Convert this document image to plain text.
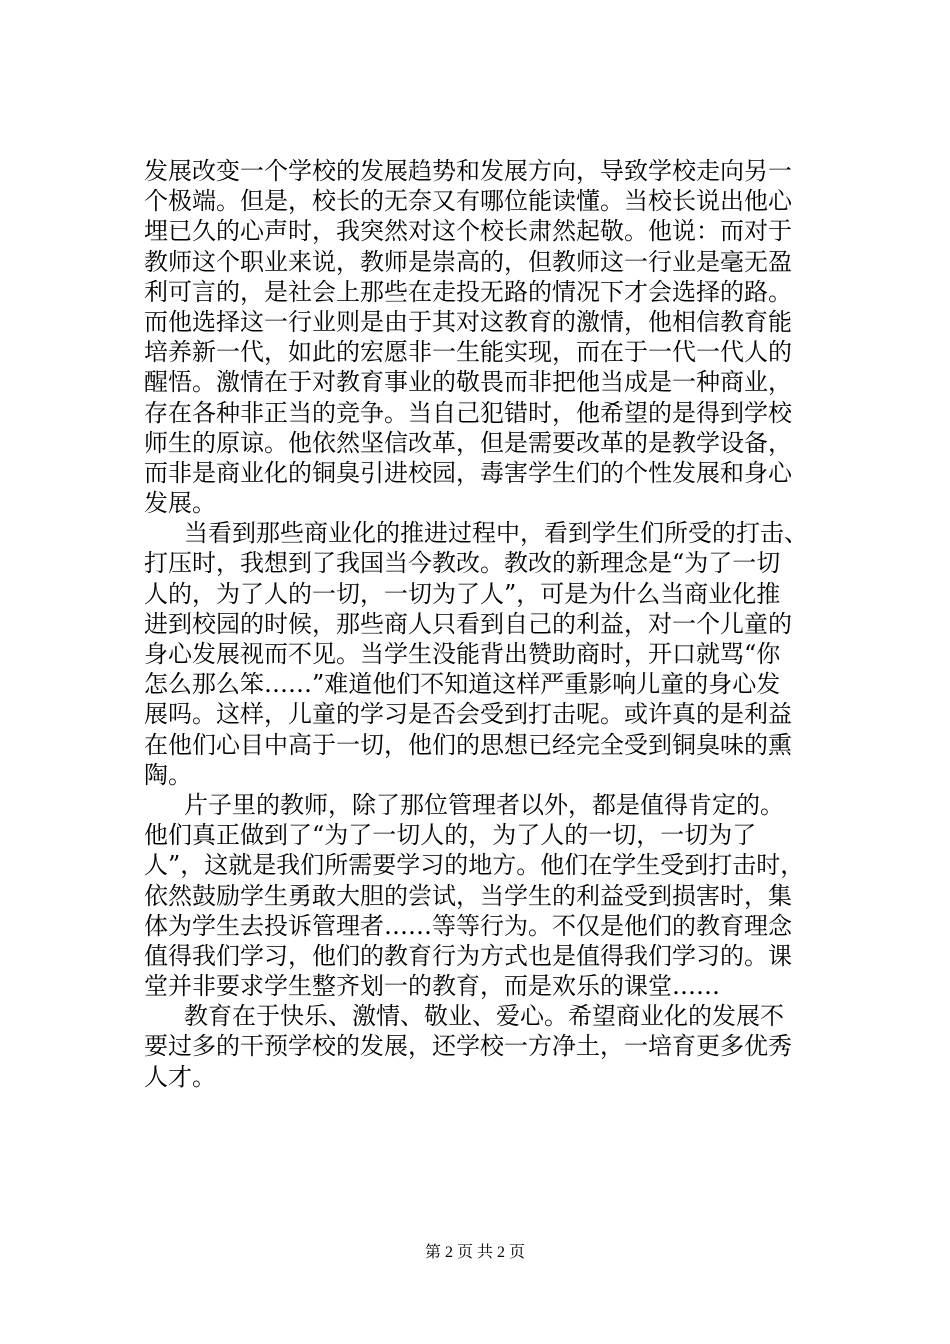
发展改变一个学校的发展趋势和发展方向，导致学校走向另一
个极端。但是，校长的无奈又有哪位能读懂。当校长说出他心
埋已久的心声时，我突然对这个校长肃然起敬。他说：而对于
教师这个职业来说，教师是崇高的，但教师这一行业是毫无盈
利可言的，是社会上那些在走投无路的情况下才会选择的路。
而他选择这一行业则是由于其对这教育的激情，他相信教育能
培养新一代，如此的宏愿非一生能实现，而在于一代一代人的
醒悟。激情在于对教育事业的敬畏而非把他当成是一种商业，
存在各种非正当的竞争。当自己犯错时，他希望的是得到学校
师生的原谅。他依然坚信改革，但是需要改革的是教学设备，
而非是商业化的铜臭引进校园，毒害学生们的个性发展和身心
发展。
当看到那些商业化的推进过程中，看到学生们所受的打击、
打压时，我想到了我国当今教改。教改的新理念是“为了一切
人的，为了人的一切，一切为了人”，可是为什么当商业化推
进到校园的时候，那些商人只看到自己的利益，对一个儿童的
身心发展视而不见。当学生没能背出赞助商时，开口就骂“你
怎么那么笨……”难道他们不知道这样严重影响儿童的身心发
展吗。这样，儿童的学习是否会受到打击呢。或许真的是利益
在他们心目中高于一切，他们的思想已经完全受到铜臭味的熏
陶。
片子里的教师，除了那位管理者以外，都是值得肯定的。
他们真正做到了“为了一切人的，为了人的一切，一切为了
人”，这就是我们所需要学习的地方。他们在学生受到打击时，
依然鼓励学生勇敢大胆的尝试，当学生的利益受到损害时，集
体为学生去投诉管理者……等等行为。不仅是他们的教育理念
值得我们学习，他们的教育行为方式也是值得我们学习的。课
堂并非要求学生整齐划一的教育，而是欢乐的课堂……
教育在于快乐、激情、敬业、爱心。希望商业化的发展不
要过多的干预学校的发展，还学校一方净土，一培育更多优秀
人才。
第 2 页 共 2 页
